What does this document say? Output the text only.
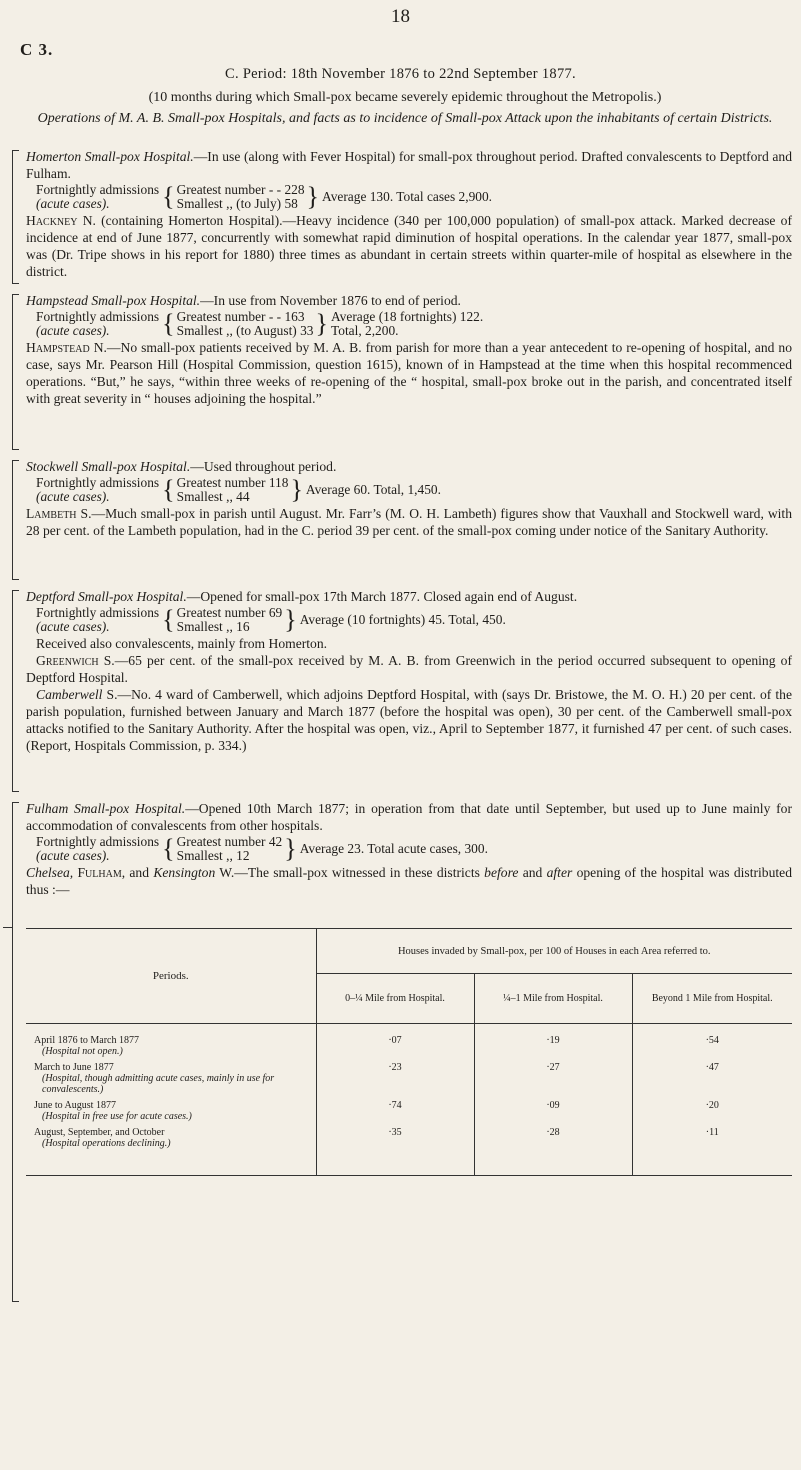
18
C 3.
C. Period: 18th November 1876 to 22nd September 1877.
(10 months during which Small-pox became severely epidemic throughout the Metropolis.)
Operations of M. A. B. Small-pox Hospitals, and facts as to incidence of Small-pox Attack upon the inhabitants of certain Districts.

Homerton Small-pox Hospital.—In use (along with Fever Hospital) for small-pox throughout period. Drafted convalescents to Deptford and Fulham.

Fortnightly admissions
(acute cases).	{ Greatest number - - 228
Smallest ,, (to July) 58 } Average 130. Total cases 2,900.

Hackney N. (containing Homerton Hospital).—Heavy incidence (340 per 100,000 population) of small-pox attack. Marked decrease of incidence at end of June 1877, concurrently with somewhat rapid diminution of hospital operations. In the calendar year 1877, small-pox was (Dr. Tripe shows in his report for 1880) three times as abundant in certain streets within quarter-mile of hospital as elsewhere in the district.

Hampstead Small-pox Hospital.—In use from November 1876 to end of period.

Fortnightly admissions
(acute cases).	{ Greatest number - - 163
Smallest ,, (to August) 33 } Average (18 fortnights) 122.
Total, 2,200.

Hampstead N.—No small-pox patients received by M. A. B. from parish for more than a year antecedent to re-opening of hospital, and no case, says Mr. Pearson Hill (Hospital Commission, question 1615), known of in Hampstead at the time when this hospital recommenced operations. “But,” he says, “within three weeks of re-opening of the “ hospital, small-pox broke out in the parish, and concentrated itself with great severity in “ houses adjoining the hospital.”

Stockwell Small-pox Hospital.—Used throughout period.

Fortnightly admissions
(acute cases).	{ Greatest number 118
Smallest ,, 44	} Average 60. Total, 1,450.

Lambeth S.—Much small-pox in parish until August. Mr. Farr’s (M. O. H. Lambeth) figures show that Vauxhall and Stockwell ward, with 28 per cent. of the Lambeth population, had in the C. period 39 per cent. of the small-pox coming under notice of the Sanitary Authority.

Deptford Small-pox Hospital.—Opened for small-pox 17th March 1877. Closed again end of August.

Fortnightly admissions
(acute cases).	{ Greatest number 69
Smallest ,, 16	} Average (10 fortnights) 45. Total, 450.

Received also convalescents, mainly from Homerton.

Greenwich S.—65 per cent. of the small-pox received by M. A. B. from Greenwich in the period occurred subsequent to opening of Deptford Hospital.

Camberwell S.—No. 4 ward of Camberwell, which adjoins Deptford Hospital, with (says Dr. Bristowe, the M. O. H.) 20 per cent. of the parish population, furnished between January and March 1877 (before the hospital was open), 30 per cent. of the Camberwell small-pox attacks notified to the Sanitary Authority. After the hospital was open, viz., April to September 1877, it furnished 47 per cent. of such cases. (Report, Hospitals Commission, p. 334.)

Fulham Small-pox Hospital.—Opened 10th March 1877; in operation from that date until September, but used up to June mainly for accommodation of convalescents from other hospitals.

Fortnightly admissions
(acute cases).	{ Greatest number 42
Smallest ,, 12	} Average 23. Total acute cases, 300.

Chelsea, Fulham, and Kensington W.—The small-pox witnessed in these districts before and after opening of the hospital was distributed thus :—

Periods.	Houses invaded by Small-pox, per 100 of Houses in each Area referred to.		
	0–¼ Mile from Hospital.	¼–1 Mile from Hospital.	Beyond 1 Mile from Hospital.

April 1876 to March 1877
(Hospital not open.)	·07	·19	·54

March to June 1877
(Hospital, though admitting acute cases, mainly in use for convalescents.)	·23	·27	·47

June to August 1877
(Hospital in free use for acute cases.)	·74	·09	·20

August, September, and October
(Hospital operations declining.)	·35	·28	·11
